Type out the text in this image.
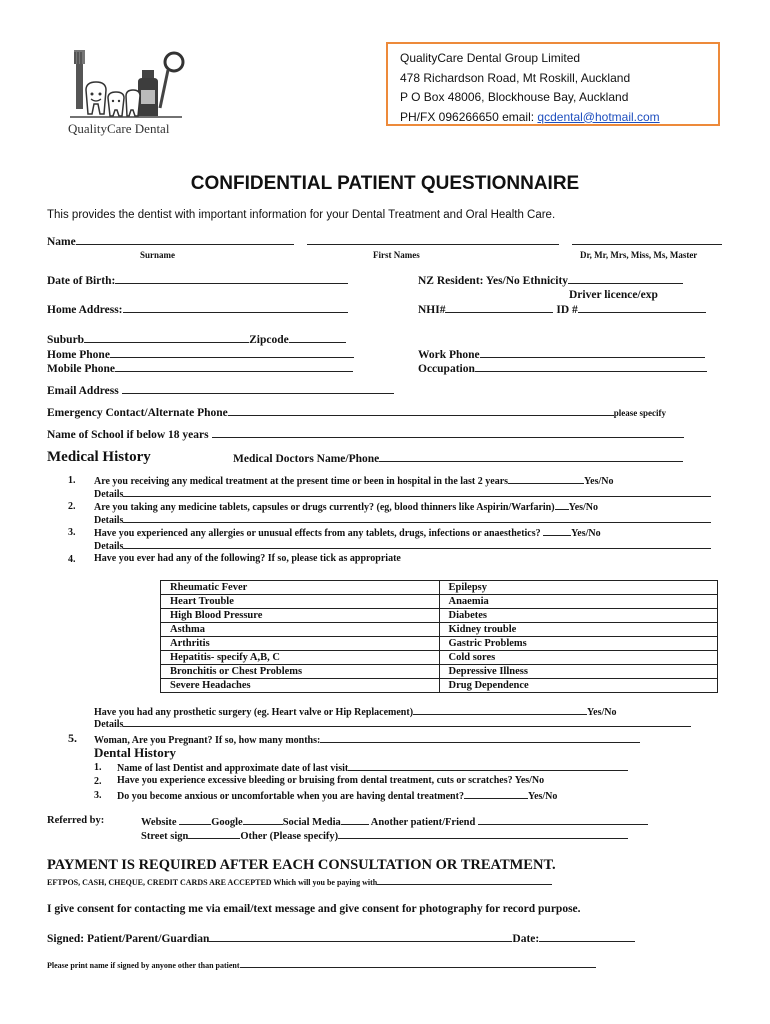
QualityCare Dental
QualityCare Dental Group Limited
478 Richardson Road, Mt Roskill, Auckland
P O Box 48006, Blockhouse Bay, Auckland
PH/FX 096266650 email: qcdental@hotmail.com
CONFIDENTIAL PATIENT QUESTIONNAIRE
This provides the dentist with important information for your Dental Treatment and Oral Health Care.
Name
Surname	First Names	Dr, Mr, Mrs, Miss, Ms, Master
Date of Birth:	NZ Resident: Yes/No Ethnicity
Driver licence/exp
Home Address:	NHI#	ID #
Suburb	Zipcode
Home Phone	Work Phone
Mobile Phone	Occupation
Email Address
Emergency Contact/Alternate Phone	please specify
Name of School if below 18 years
Medical History	Medical Doctors Name/Phone
1. Are you receiving any medical treatment at the present time or been in hospital in the last 2 years	Yes/No
Details
2. Are you taking any medicine tablets, capsules or drugs currently? (eg, blood thinners like Aspirin/Warfarin) Yes/No
Details
3. Have you experienced any allergies or unusual effects from any tablets, drugs, infections or anaesthetics?	Yes/No
Details
4. Have you ever had any of the following? If so, please tick as appropriate
Rheumatic Fever	Epilepsy
Heart Trouble	Anaemia
High Blood Pressure	Diabetes
Asthma	Kidney trouble
Arthritis	Gastric Problems
Hepatitis- specify A,B, C	Cold sores
Bronchitis or Chest Problems	Depressive Illness
Severe Headaches	Drug Dependence
Have you had any prosthetic surgery (eg. Heart valve or Hip Replacement)	Yes/No
Details
5. Woman, Are you Pregnant? If so, how many months:
Dental History
1. Name of last Dentist and approximate date of last visit
2. Have you experience excessive bleeding or bruising from dental treatment, cuts or scratches? Yes/No
3. Do you become anxious or uncomfortable when you are having dental treatment?	Yes/No
Referred by:	Website	Google	Social Media	Another patient/Friend
Street sign	Other (Please specify)
PAYMENT IS REQUIRED AFTER EACH CONSULTATION OR TREATMENT.
EFTPOS, CASH, CHEQUE, CREDIT CARDS ARE ACCEPTED Which will you be paying with
I give consent for contacting me via email/text message and give consent for photography for record purpose.
Signed: Patient/Parent/Guardian	Date:
Please print name if signed by anyone other than patient
